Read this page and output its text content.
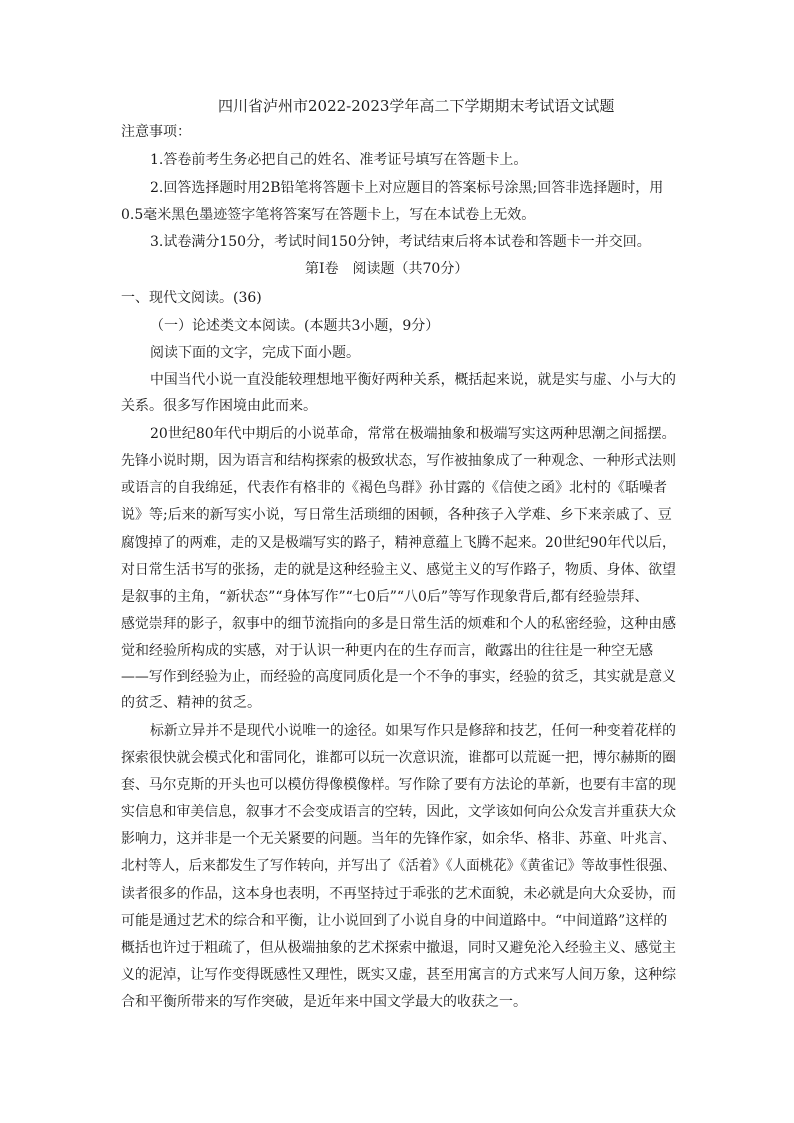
四川省泸州市2022-2023学年高二下学期期末考试语文试题
注意事项：
1.答卷前考生务必把自己的姓名、准考证号填写在答题卡上。
2.回答选择题时用2B铅笔将答题卡上对应题目的答案标号涂黑;回答非选择题时，用
0.5毫米黑色墨迹签字笔将答案写在答题卡上，写在本试卷上无效。
3.试卷满分150分，考试时间150分钟，考试结束后将本试卷和答题卡一并交回。
第Ⅰ卷　阅读题（共70分）
一、现代文阅读。(36)
（一）论述类文本阅读。(本题共3小题，9分）
阅读下面的文字，完成下面小题。
中国当代小说一直没能较理想地平衡好两种关系，概括起来说，就是实与虚、小与大的
关系。很多写作困境由此而来。
20世纪80年代中期后的小说革命，常常在极端抽象和极端写实这两种思潮之间摇摆。
先锋小说时期，因为语言和结构探索的极致状态，写作被抽象成了一种观念、一种形式法则
或语言的自我绵延，代表作有格非的《褐色鸟群》孙甘露的《信使之函》北村的《聒噪者
说》等;后来的新写实小说，写日常生活琐细的困顿，各种孩子入学难、乡下来亲戚了、豆
腐馊掉了的两难，走的又是极端写实的路子，精神意蕴上飞腾不起来。20世纪90年代以后，
对日常生活书写的张扬，走的就是这种经验主义、感觉主义的写作路子，物质、身体、欲望
是叙事的主角，“新状态”“身体写作”“七0后”“八0后”等写作现象背后,都有经验崇拜、
感觉崇拜的影子，叙事中的细节流指向的多是日常生活的烦难和个人的私密经验，这种由感
觉和经验所构成的实感，对于认识一种更内在的生存而言，敞露出的往往是一种空无感
——写作到经验为止，而经验的高度同质化是一个不争的事实，经验的贫乏，其实就是意义
的贫乏、精神的贫乏。
标新立异并不是现代小说唯一的途径。如果写作只是修辞和技艺，任何一种变着花样的
探索很快就会模式化和雷同化，谁都可以玩一次意识流，谁都可以荒诞一把，博尔赫斯的圈
套、马尔克斯的开头也可以模仿得像模像样。写作除了要有方法论的革新，也要有丰富的现
实信息和审美信息，叙事才不会变成语言的空转，因此，文学该如何向公众发言并重获大众
影响力，这并非是一个无关紧要的问题。当年的先锋作家，如余华、格非、苏童、叶兆言、
北村等人，后来都发生了写作转向，并写出了《活着》《人面桃花》《黄雀记》等故事性很强、
读者很多的作品，这本身也表明，不再坚持过于乖张的艺术面貌，未必就是向大众妥协，而
可能是通过艺术的综合和平衡，让小说回到了小说自身的中间道路中。“中间道路”这样的
概括也许过于粗疏了，但从极端抽象的艺术探索中撤退，同时又避免沦入经验主义、感觉主
义的泥淖，让写作变得既感性又理性，既实又虚，甚至用寓言的方式来写人间万象，这种综
合和平衡所带来的写作突破，是近年来中国文学最大的收获之一。
